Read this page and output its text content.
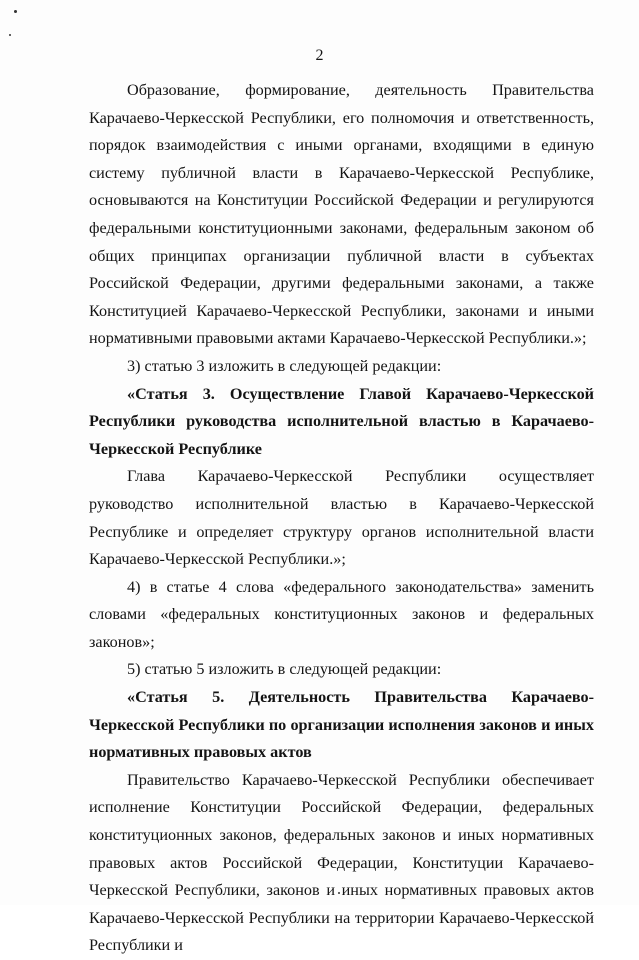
2

Образование, формирование, деятельность Правительства Карачаево-Черкесской Республики, его полномочия и ответственность, порядок взаимодействия с иными органами, входящими в единую систему публичной власти в Карачаево-Черкесской Республике, основываются на Конституции Российской Федерации и регулируются федеральными конституционными законами, федеральным законом об общих принципах организации публичной власти в субъектах Российской Федерации, другими федеральными законами, а также Конституцией Карачаево-Черкесской Республики, законами и иными нормативными правовыми актами Карачаево-Черкесской Республики.»;

3) статью 3 изложить в следующей редакции:

«Статья 3. Осуществление Главой Карачаево-Черкесской Республики руководства исполнительной властью в Карачаево-Черкесской Республике

Глава Карачаево-Черкесской Республики осуществляет руководство исполнительной властью в Карачаево-Черкесской Республике и определяет структуру органов исполнительной власти Карачаево-Черкесской Республики.»;

4) в статье 4 слова «федерального законодательства» заменить словами «федеральных конституционных законов и федеральных законов»;

5) статью 5 изложить в следующей редакции:

«Статья 5. Деятельность Правительства Карачаево-Черкесской Республики по организации исполнения законов и иных нормативных правовых актов

Правительство Карачаево-Черкесской Республики обеспечивает исполнение Конституции Российской Федерации, федеральных конституционных законов, федеральных законов и иных нормативных правовых актов Российской Федерации, Конституции Карачаево-Черкесской Республики, законов и иных нормативных правовых актов Карачаево-Черкесской Республики на территории Карачаево-Черкесской Республики и
